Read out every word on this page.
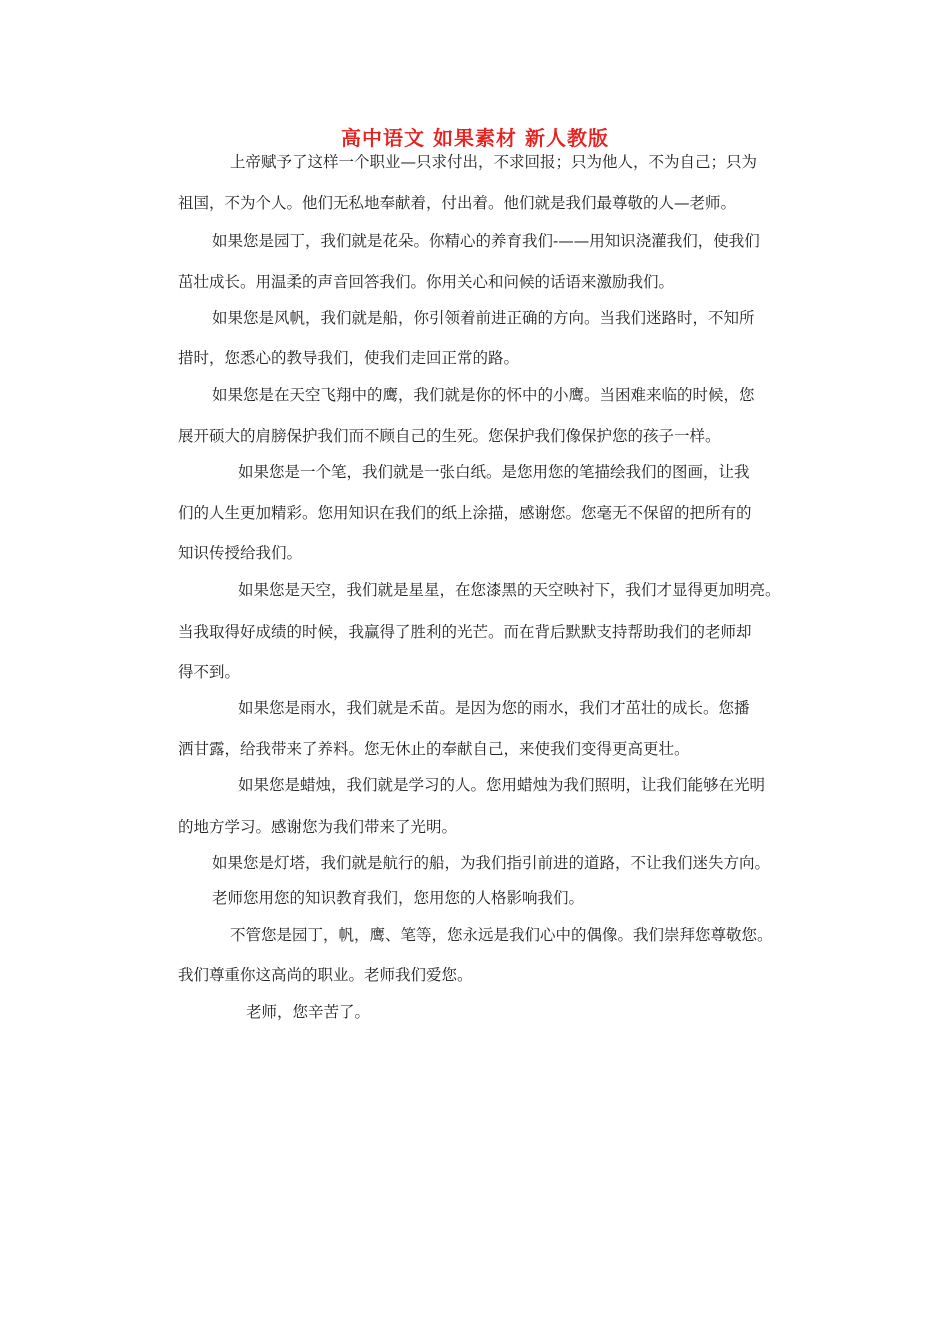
高中语文 如果素材 新人教版
上帝赋予了这样一个职业—只求付出，不求回报；只为他人，不为自己；只为
祖国，不为个人。他们无私地奉献着，付出着。他们就是我们最尊敬的人—老师。
如果您是园丁，我们就是花朵。你精心的养育我们-——用知识浇灌我们，使我们
茁壮成长。用温柔的声音回答我们。你用关心和问候的话语来激励我们。
如果您是风帆，我们就是船，你引领着前进正确的方向。当我们迷路时，不知所
措时，您悉心的教导我们，使我们走回正常的路。
如果您是在天空飞翔中的鹰，我们就是你的怀中的小鹰。当困难来临的时候，您
展开硕大的肩膀保护我们而不顾自己的生死。您保护我们像保护您的孩子一样。
如果您是一个笔，我们就是一张白纸。是您用您的笔描绘我们的图画，让我
们的人生更加精彩。您用知识在我们的纸上涂描，感谢您。您毫无不保留的把所有的
知识传授给我们。
如果您是天空，我们就是星星，在您漆黑的天空映衬下，我们才显得更加明亮。
当我取得好成绩的时候，我赢得了胜利的光芒。而在背后默默支持帮助我们的老师却
得不到。
如果您是雨水，我们就是禾苗。是因为您的雨水，我们才茁壮的成长。您播
洒甘露，给我带来了养料。您无休止的奉献自己，来使我们变得更高更壮。
如果您是蜡烛，我们就是学习的人。您用蜡烛为我们照明，让我们能够在光明
的地方学习。感谢您为我们带来了光明。
如果您是灯塔，我们就是航行的船，为我们指引前进的道路，不让我们迷失方向。
老师您用您的知识教育我们，您用您的人格影响我们。
不管您是园丁，帆，鹰、笔等，您永远是我们心中的偶像。我们崇拜您尊敬您。
我们尊重你这高尚的职业。老师我们爱您。
老师，您辛苦了。
